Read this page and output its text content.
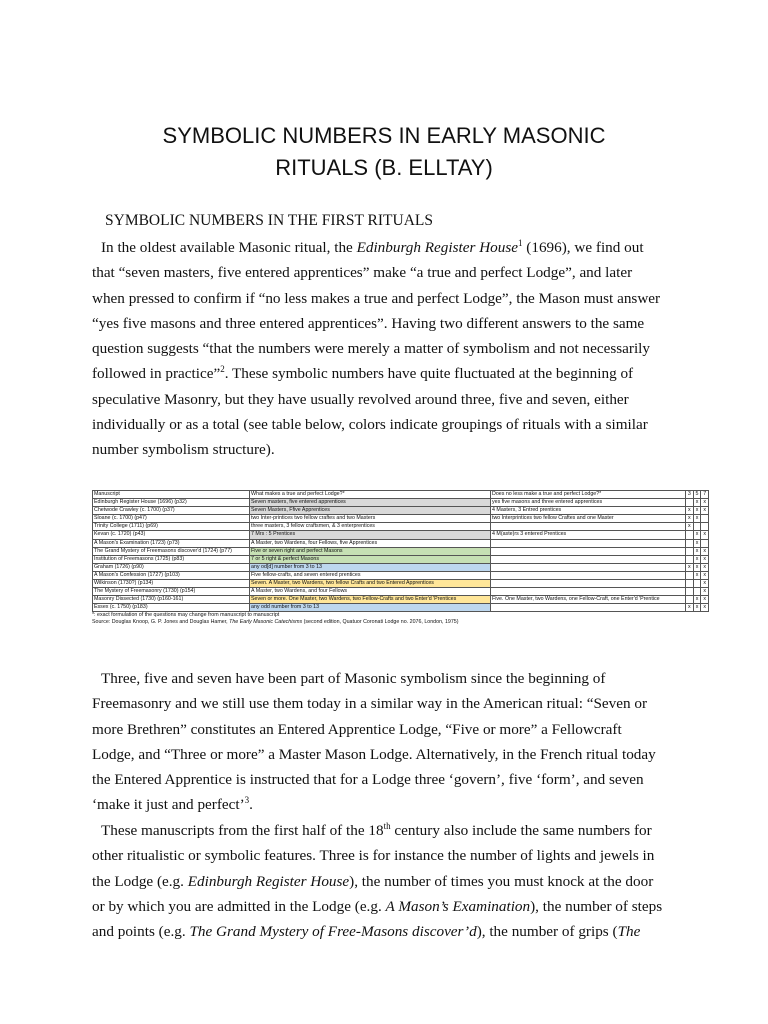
SYMBOLIC NUMBERS IN EARLY MASONIC
RITUALS (B. ELLTAY)
SYMBOLIC NUMBERS IN THE FIRST RITUALS
In the oldest available Masonic ritual, the Edinburgh Register House$^1$ (1696), we find out
that “seven masters, five entered apprentices” make “a true and perfect Lodge”, and later
when pressed to confirm if “no less makes a true and perfect Lodge”, the Mason must answer
“yes five masons and three entered apprentices”. Having two different answers to the same
question suggests “that the numbers were merely a matter of symbolism and not necessarily
followed in practice”$^2$. These symbolic numbers have quite fluctuated at the beginning of
speculative Masonry, but they have usually revolved around three, five and seven, either
individually or as a total (see table below, colors indicate groupings of rituals with a similar
number symbolism structure).
Manuscript	What makes a true and perfect Lodge?*	Does no less make a true and perfect Lodge?*	3	5	7
Edinburgh Register House (1696) (p32)	Seven masters, five entered apprentices	yes five masons and three entered apprentices		x	x
Chetwode Crawley (c. 1700) (p37)	Seven Masters, Ffive Apprentices	4 Masters, 3 Entred prentices	x	x	x
Sloane (c. 1700) (p47)	two Inter-printices two fellow craftes and two Masters	two Interprintices two fellow Craftes and one Master	x	x	
Trinity College (1711) (p69)	three masters, 3 fellow craftsmen, & 3 enterprentices		x		
Kevan (c. 1720) (p43)	7 Mrs : 5 Prentices	4 M(aste)rs 3 entered Prentices		x	x
A Mason's Examination (1723) (p73)	A Master, two Wardens, four Fellows, five Apprentices			x	
The Grand Mystery of Freemasons discover'd (1724) (p77)	Five or seven right and perfect Masons			x	x
Institution of Freemasons (1725) (p83)	7 or 5 right & perfect Masons			x	x
Graham (1726) (p90)	any od[d] number from 3 to 13		x	x	x
A Mason's Confession (1727) (p103)	Five fellow-crafts, and seven entered prentices			x	x
Wilkinson (1730?) (p134)	Seven. A Master, two Wardens, two fellow Crafts and two Entered Apprentices				x
The Mystery of Freemasonry (1730) (p154)	A Master, two Wardens, and four Fellows				x
Masonry Dissected (1730) (p160-161)	Seven or more. One Master, two Wardens, two Fellow-Crafts and two Enter'd 'Prentices	Five. One Master, two Wardens, one Fellow-Craft, one Enter'd 'Prentice		x	x
Essex (c. 1750) (p183)	any odd number from 3 to 13		x	x	x
*: exact formulation of the questions may change from manuscript to manuscript
Source: Douglas Knoop, G. P. Jones and Douglas Hamer, The Early Masonic Catechisms (second edition, Quatuor Coronati Lodge no. 2076, London, 1975)
Three, five and seven have been part of Masonic symbolism since the beginning of
Freemasonry and we still use them today in a similar way in the American ritual: “Seven or
more Brethren” constitutes an Entered Apprentice Lodge, “Five or more” a Fellowcraft
Lodge, and “Three or more” a Master Mason Lodge. Alternatively, in the French ritual today
the Entered Apprentice is instructed that for a Lodge three ‘govern’, five ‘form’, and seven
‘make it just and perfect’$^3$.
These manuscripts from the first half of the 18th century also include the same numbers for
other ritualistic or symbolic features. Three is for instance the number of lights and jewels in
the Lodge (e.g. Edinburgh Register House), the number of times you must knock at the door
or by which you are admitted in the Lodge (e.g. A Mason’s Examination), the number of steps
and points (e.g. The Grand Mystery of Free-Masons discover’d), the number of grips (The
